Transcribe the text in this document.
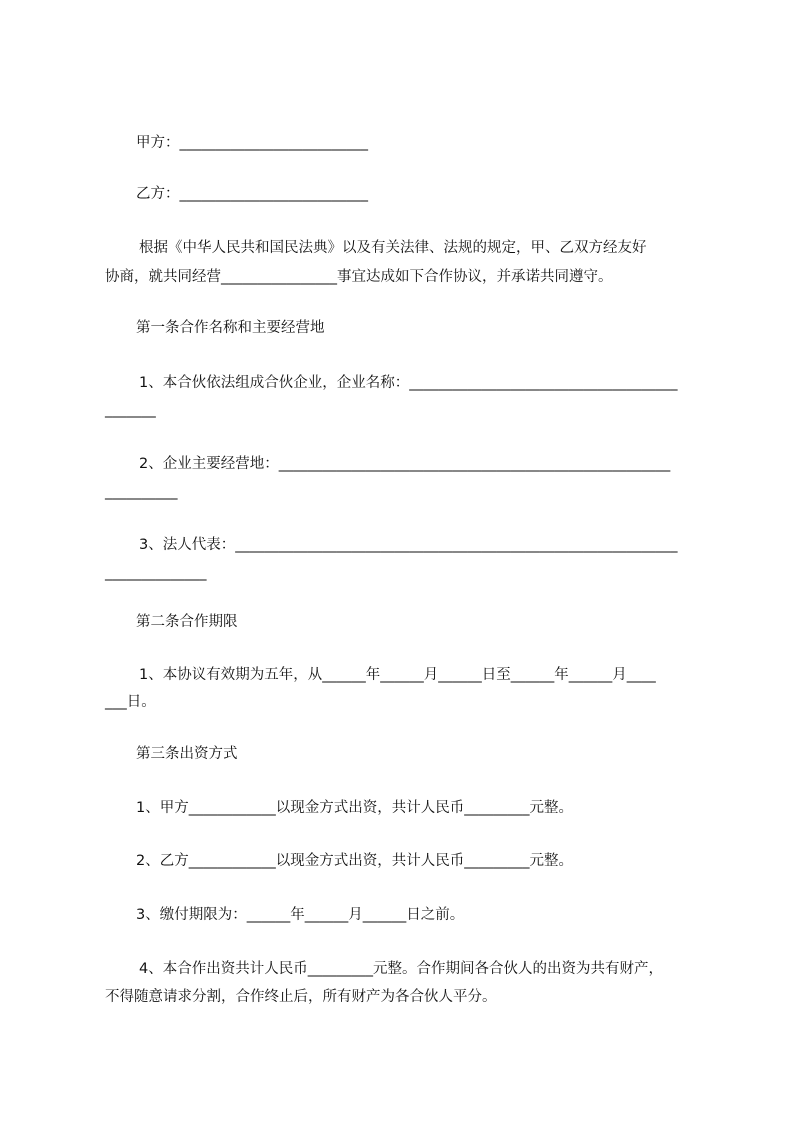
甲方：__________________________
乙方：__________________________
根据《中华人民共和国民法典》以及有关法律、法规的规定，甲、乙双方经友好
协商，就共同经营________________事宜达成如下合作协议，并承诺共同遵守。
第一条合作名称和主要经营地
1、本合伙依法组成合伙企业，企业名称：_____________________________________
_______
2、企业主要经营地：______________________________________________________
__________
3、法人代表：_____________________________________________________________
______________
第二条合作期限
1、本协议有效期为五年，从______年______月______日至______年______月____
___日。
第三条出资方式
1、甲方____________以现金方式出资，共计人民币_________元整。
2、乙方____________以现金方式出资，共计人民币_________元整。
3、缴付期限为：______年______月______日之前。
4、本合作出资共计人民币_________元整。合作期间各合伙人的出资为共有财产，
不得随意请求分割，合作终止后，所有财产为各合伙人平分。
